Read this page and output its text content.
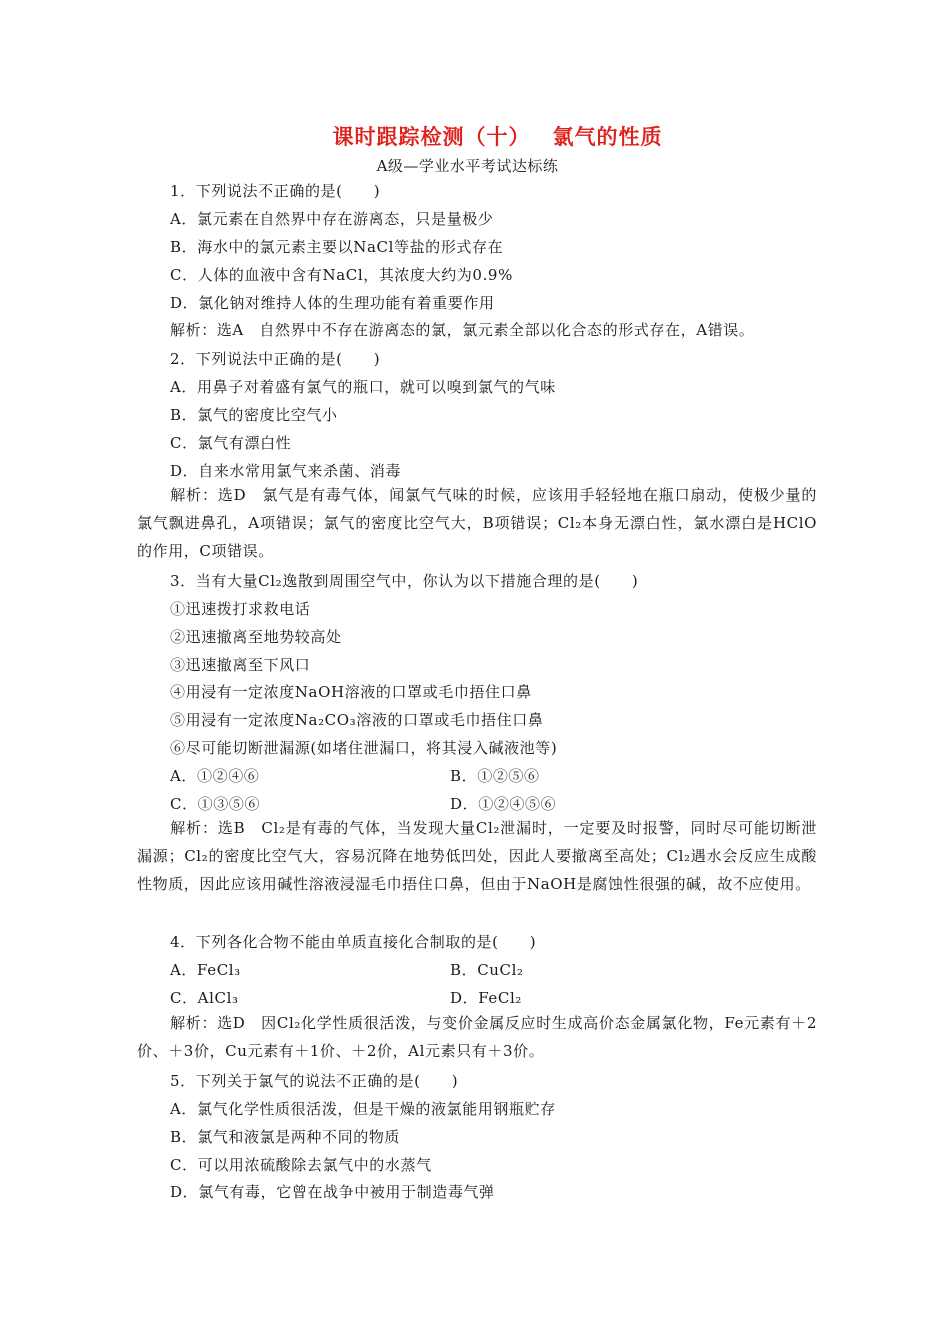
课时跟踪检测（十） 氯气的性质
A级—学业水平考试达标练
1．下列说法不正确的是(　　)
A．氯元素在自然界中存在游离态，只是量极少
B．海水中的氯元素主要以NaCl等盐的形式存在
C．人体的血液中含有NaCl，其浓度大约为0.9%
D．氯化钠对维持人体的生理功能有着重要作用
解析：选A　自然界中不存在游离态的氯，氯元素全部以化合态的形式存在，A错误。
2．下列说法中正确的是(　　)
A．用鼻子对着盛有氯气的瓶口，就可以嗅到氯气的气味
B．氯气的密度比空气小
C．氯气有漂白性
D．自来水常用氯气来杀菌、消毒
解析：选D　氯气是有毒气体，闻氯气气味的时候，应该用手轻轻地在瓶口扇动，使极少量的氯气飘进鼻孔，A项错误；氯气的密度比空气大，B项错误；Cl₂本身无漂白性，氯水漂白是HClO的作用，C项错误。
3．当有大量Cl₂逸散到周围空气中，你认为以下措施合理的是(　　)
①迅速拨打求救电话
②迅速撤离至地势较高处
③迅速撤离至下风口
④用浸有一定浓度NaOH溶液的口罩或毛巾捂住口鼻
⑤用浸有一定浓度Na₂CO₃溶液的口罩或毛巾捂住口鼻
⑥尽可能切断泄漏源(如堵住泄漏口，将其浸入碱液池等)
A．①②④⑥	B．①②⑤⑥
C．①③⑤⑥	D．①②④⑤⑥
解析：选B　Cl₂是有毒的气体，当发现大量Cl₂泄漏时，一定要及时报警，同时尽可能切断泄漏源；Cl₂的密度比空气大，容易沉降在地势低凹处，因此人要撤离至高处；Cl₂遇水会反应生成酸性物质，因此应该用碱性溶液浸湿毛巾捂住口鼻，但由于NaOH是腐蚀性很强的碱，故不应使用。
4．下列各化合物不能由单质直接化合制取的是(　　)
A．FeCl₃	B．CuCl₂
C．AlCl₃	D．FeCl₂
解析：选D　因Cl₂化学性质很活泼，与变价金属反应时生成高价态金属氯化物，Fe元素有＋2价、＋3价，Cu元素有＋1价、＋2价，Al元素只有＋3价。
5．下列关于氯气的说法不正确的是(　　)
A．氯气化学性质很活泼，但是干燥的液氯能用钢瓶贮存
B．氯气和液氯是两种不同的物质
C．可以用浓硫酸除去氯气中的水蒸气
D．氯气有毒，它曾在战争中被用于制造毒气弹
